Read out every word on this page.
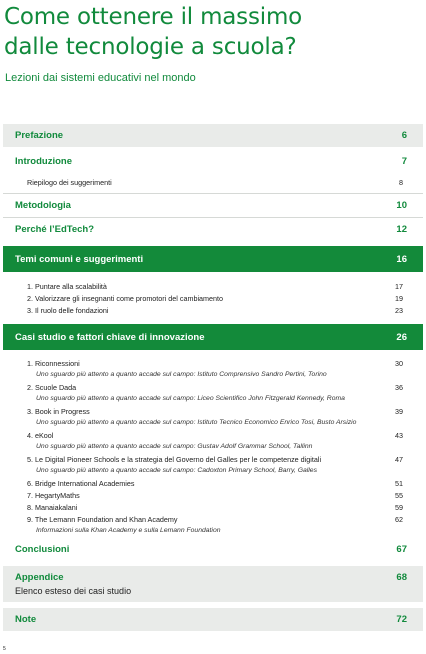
Come ottenere il massimo
dalle tecnologie a scuola?
Lezioni dai sistemi educativi nel mondo
Prefazione	6
Introduzione	7
Riepilogo dei suggerimenti	8
Metodologia	10
Perché l’EdTech?	12
Temi comuni e suggerimenti	16
1. Puntare alla scalabilità	17
2. Valorizzare gli insegnanti come promotori del cambiamento	19
3. Il ruolo delle fondazioni	23
Casi studio e fattori chiave di innovazione	26
1. Riconnessioni	30
Uno sguardo più attento a quanto accade sul campo: Istituto Comprensivo Sandro Pertini, Torino
2. Scuole Dada	36
Uno sguardo più attento a quanto accade sul campo: Liceo Scientifico John Fitzgerald Kennedy, Roma
3. Book in Progress	39
Uno sguardo più attento a quanto accade sul campo: Istituto Tecnico Economico Enrico Tosi, Busto Arsizio
4. eKool	43
Uno sguardo più attento a quanto accade sul campo: Gustav Adolf Grammar School, Tallinn
5. Le Digital Pioneer Schools e la strategia del Governo del Galles per le competenze digitali	47
Uno sguardo più attento a quanto accade sul campo: Cadoxton Primary School, Barry, Galles
6. Bridge International Academies	51
7. HegartyMaths	55
8. Manaiakalani	59
9. The Lemann Foundation and Khan Academy	62
Informazioni sulla Khan Academy e sulla Lemann Foundation
Conclusioni	67
Appendice	68
Elenco esteso dei casi studio
Note	72
5
